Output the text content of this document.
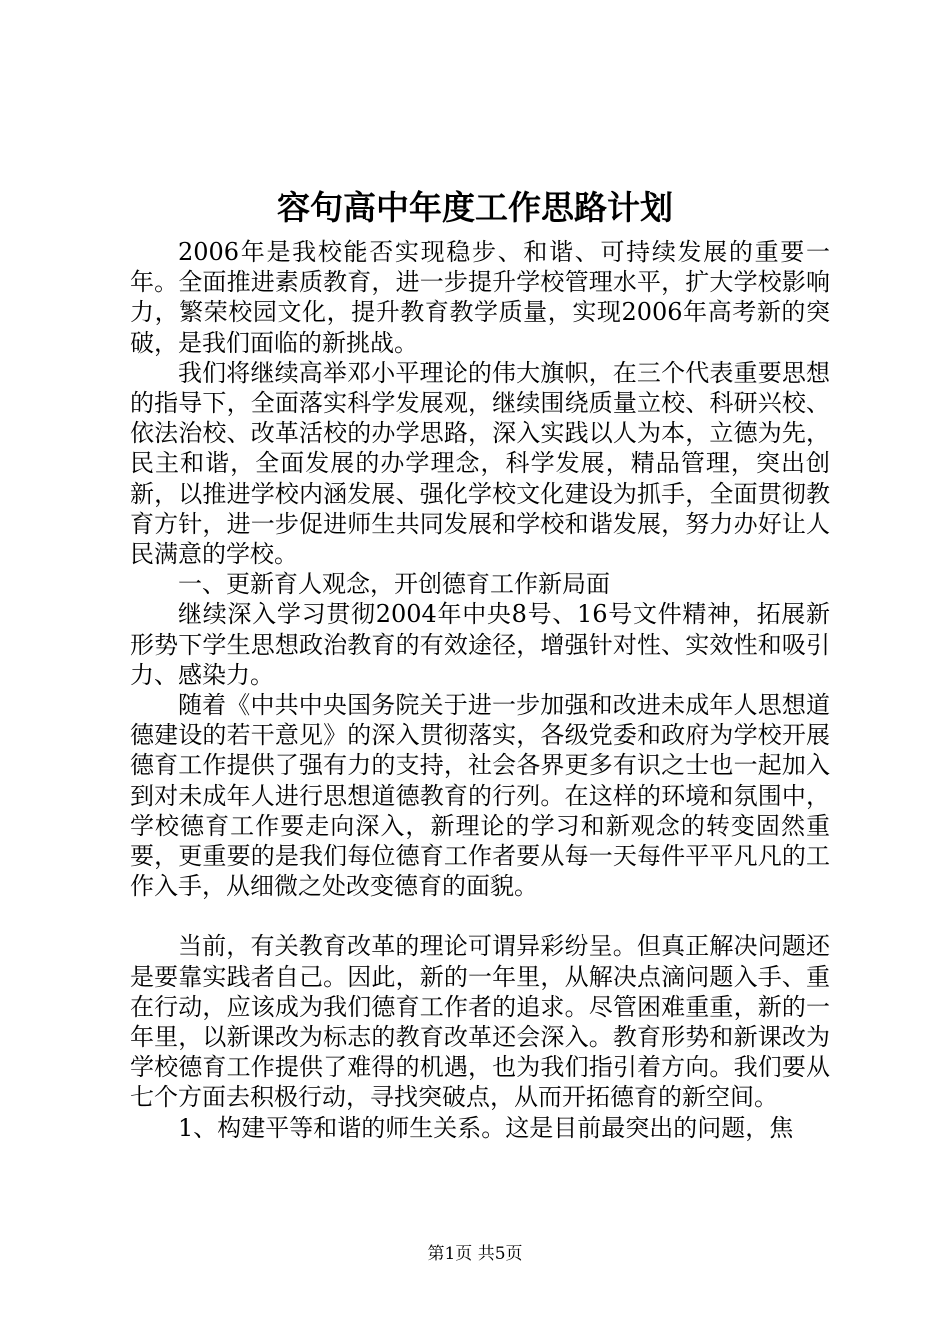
容句高中年度工作思路计划

2006年是我校能否实现稳步、和谐、可持续发展的重要一年。全面推进素质教育，进一步提升学校管理水平，扩大学校影响力，繁荣校园文化，提升教育教学质量，实现2006年高考新的突破，是我们面临的新挑战。

我们将继续高举邓小平理论的伟大旗帜，在三个代表重要思想的指导下，全面落实科学发展观，继续围绕质量立校、科研兴校、依法治校、改革活校的办学思路，深入实践以人为本，立德为先，民主和谐，全面发展的办学理念，科学发展，精品管理，突出创新，以推进学校内涵发展、强化学校文化建设为抓手，全面贯彻教育方针，进一步促进师生共同发展和学校和谐发展，努力办好让人民满意的学校。

一、更新育人观念，开创德育工作新局面

继续深入学习贯彻2004年中央8号、16号文件精神，拓展新形势下学生思想政治教育的有效途径，增强针对性、实效性和吸引力、感染力。

随着《中共中央国务院关于进一步加强和改进未成年人思想道德建设的若干意见》的深入贯彻落实，各级党委和政府为学校开展德育工作提供了强有力的支持，社会各界更多有识之士也一起加入到对未成年人进行思想道德教育的行列。在这样的环境和氛围中，学校德育工作要走向深入，新理论的学习和新观念的转变固然重要，更重要的是我们每位德育工作者要从每一天每件平平凡凡的工作入手，从细微之处改变德育的面貌。

当前，有关教育改革的理论可谓异彩纷呈。但真正解决问题还是要靠实践者自己。因此，新的一年里，从解决点滴问题入手、重在行动，应该成为我们德育工作者的追求。尽管困难重重，新的一年里，以新课改为标志的教育改革还会深入。教育形势和新课改为学校德育工作提供了难得的机遇，也为我们指引着方向。我们要从七个方面去积极行动，寻找突破点，从而开拓德育的新空间。

1、构建平等和谐的师生关系。这是目前最突出的问题，焦

第1页 共5页
